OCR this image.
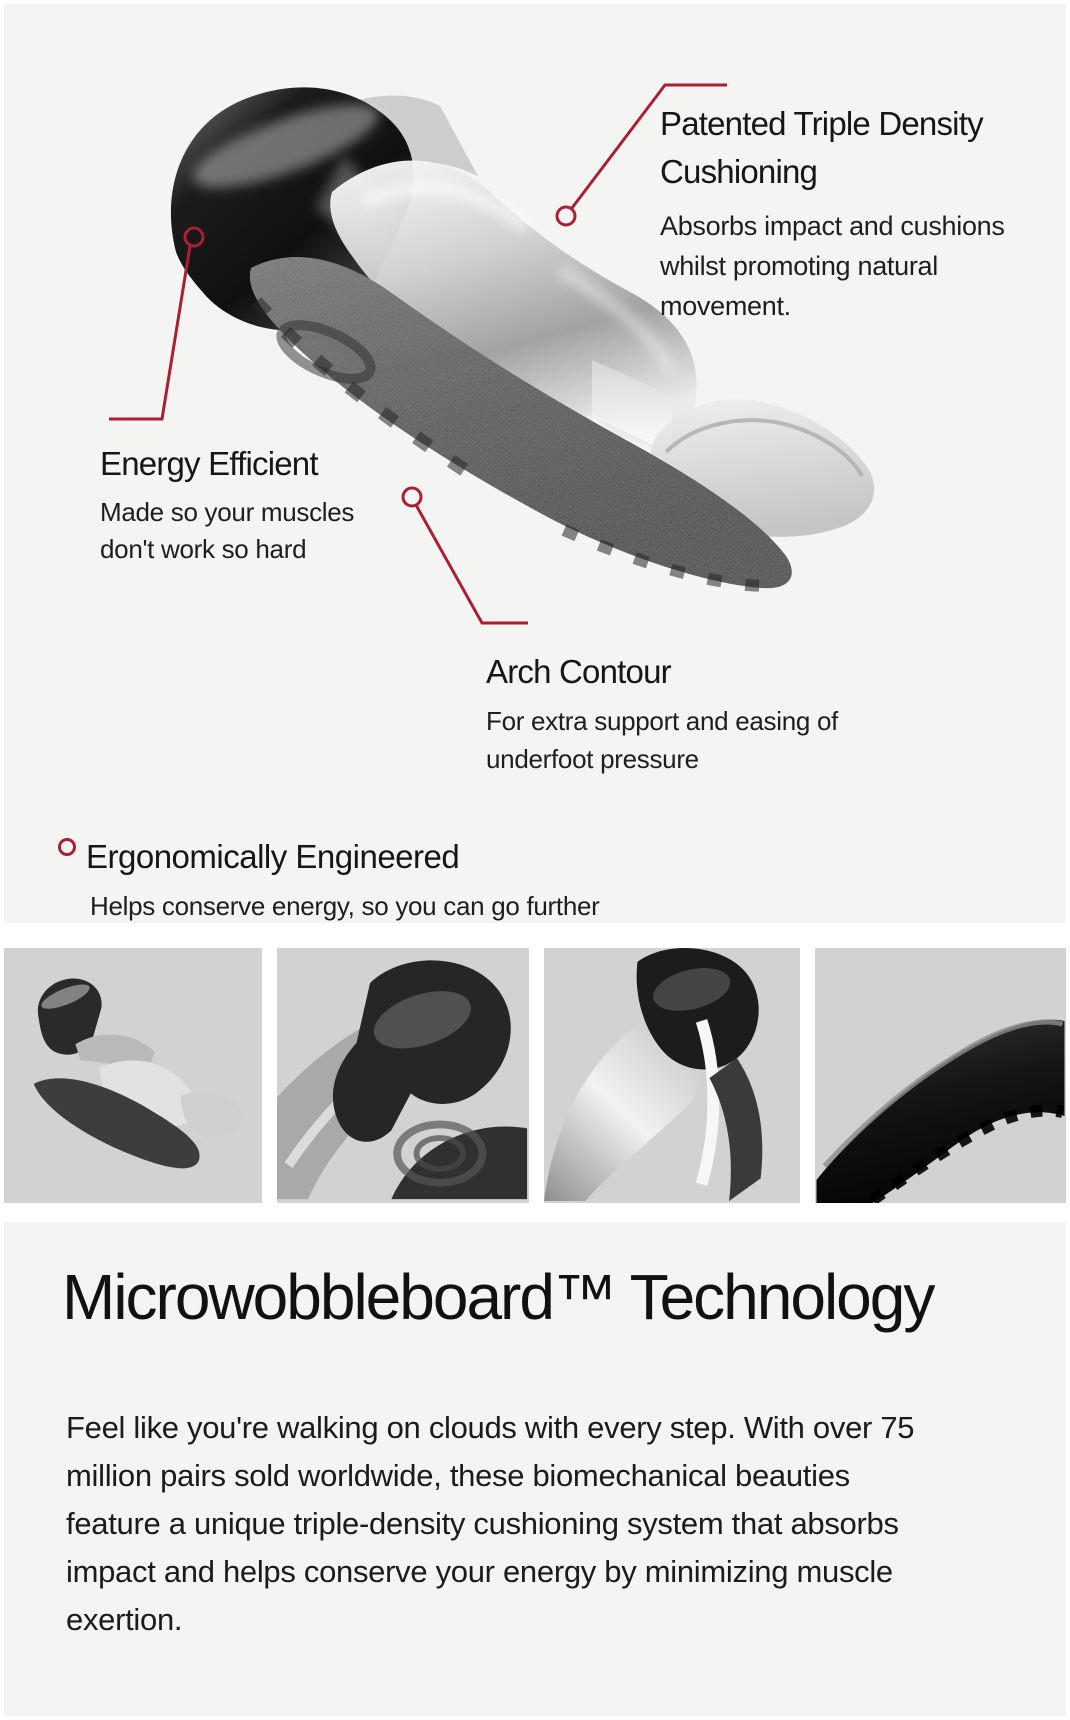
Patented Triple Density Cushioning

Absorbs impact and cushions whilst promoting natural movement.

Energy Efficient

Made so your muscles don't work so hard

Arch Contour

For extra support and easing of underfoot pressure

Ergonomically Engineered

Helps conserve energy, so you can go further

Microwobbleboard™ Technology

Feel like you're walking on clouds with every step. With over 75 million pairs sold worldwide, these biomechanical beauties feature a unique triple-density cushioning system that absorbs impact and helps conserve your energy by minimizing muscle exertion.
